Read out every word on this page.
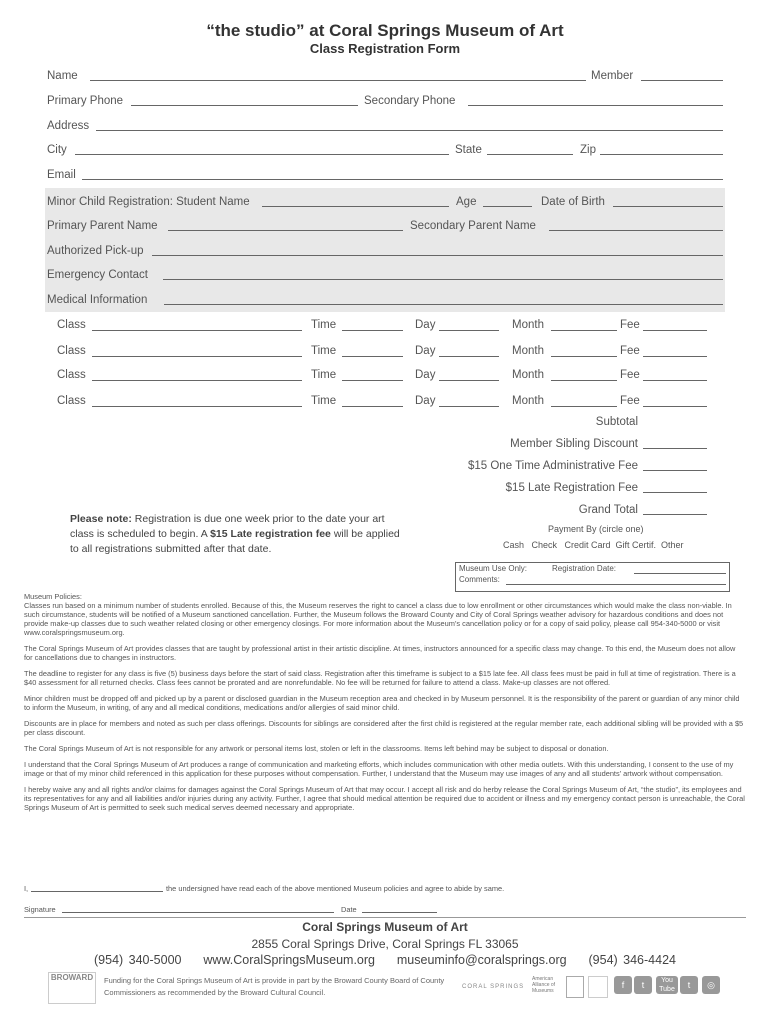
“the studio” at Coral Springs Museum of Art
Class Registration Form
Name	Member
Primary Phone	Secondary Phone
Address
City	State	Zip
Email
Minor Child Registration: Student Name	Age	Date of Birth
Primary Parent Name	Secondary Parent Name
Authorized Pick-up
Emergency Contact
Medical Information
Class	Time	Day	Month	Fee
Class	Time	Day	Month	Fee
Class	Time	Day	Month	Fee
Class	Time	Day	Month	Fee
Subtotal
Member Sibling Discount
$15 One Time Administrative Fee
$15 Late Registration Fee
Grand Total
Please note: Registration is due one week prior to the date your art class is scheduled to begin. A $15 Late registration fee will be applied to all registrations submitted after that date.
Payment By (circle one)
Cash   Check   Credit Card  Gift Certif.  Other
Museum Use Only:	Registration Date:
Comments:
Museum Policies:

Classes run based on a minimum number of students enrolled. Because of this, the Museum reserves the right to cancel a class due to low enrollment or other circumstances which would make the class non-viable. In such circumstance, students will be notified of a Museum sanctioned cancellation. Further, the Museum follows the Broward County and City of Coral Springs weather advisory for hazardous conditions and does not provide make-up classes due to such weather related closing or other emergency closings. For more information about the Museum’s cancellation policy or for a copy of said policy, please call 954-340-5000 or visit www.coralspringsmuseum.org.

The Coral Springs Museum of Art provides classes that are taught by professional artist in their artistic discipline. At times, instructors announced for a specific class may change. To this end, the Museum does not allow for cancellations due to changes in instructors.

The deadline to register for any class is five (5) business days before the start of said class. Registration after this timeframe is subject to a $15 late fee. All class fees must be paid in full at time of registration. There is a $40 assessment for all returned checks. Class fees cannot be prorated and are nonrefundable. No fee will be returned for failure to attend a class. Make-up classes are not offered.

Minor children must be dropped off and picked up by a parent or disclosed guardian in the Museum reception area and checked in by Museum personnel. It is the responsibility of the parent or guardian of any minor child to inform the Museum, in writing, of any and all medical conditions, medications and/or allergies of said minor child.

Discounts are in place for members and noted as such per class offerings. Discounts for siblings are considered after the first child is registered at the regular member rate, each additional sibling will be provided with a $5 per class discount.

The Coral Springs Museum of Art is not responsible for any artwork or personal items lost, stolen or left in the classrooms. Items left behind may be subject to disposal or donation.

I understand that the Coral Springs Museum of Art produces a range of communication and marketing efforts, which includes communication with other media outlets. With this understanding, I consent to the use of my image or that of my minor child referenced in this application for these purposes without compensation. Further, I understand that the Museum may use images of any and all students’ artwork without compensation.

I hereby waive any and all rights and/or claims for damages against the Coral Springs Museum of Art that may occur. I accept all risk and do herby release the Coral Springs Museum of Art, “the studio”, its employees and its representatives for any and all liabilities and/or injuries during any activity. Further, I agree that should medical attention be required due to accident or illness and my emergency contact person is unreachable, the Coral Springs Museum of Art is permitted to seek such medical serves deemed necessary and appropriate.

I,	the undersigned have read each of the above mentioned Museum policies and agree to abide by same.
Signature	Date
Coral Springs Museum of Art
2855 Coral Springs Drive, Coral Springs FL 33065
(954) 340-5000 www.CoralSpringsMuseum.org museuminfo@coralsprings.org (954) 346-4424
BROWARD	Funding for the Coral Springs Museum of Art is provide in part by the Broward County Board of County Commissioners as recommended by the Broward Cultural Council.
CORAL SPRINGS
American Alliance of Museums
f	t	You Tube	t	◎
